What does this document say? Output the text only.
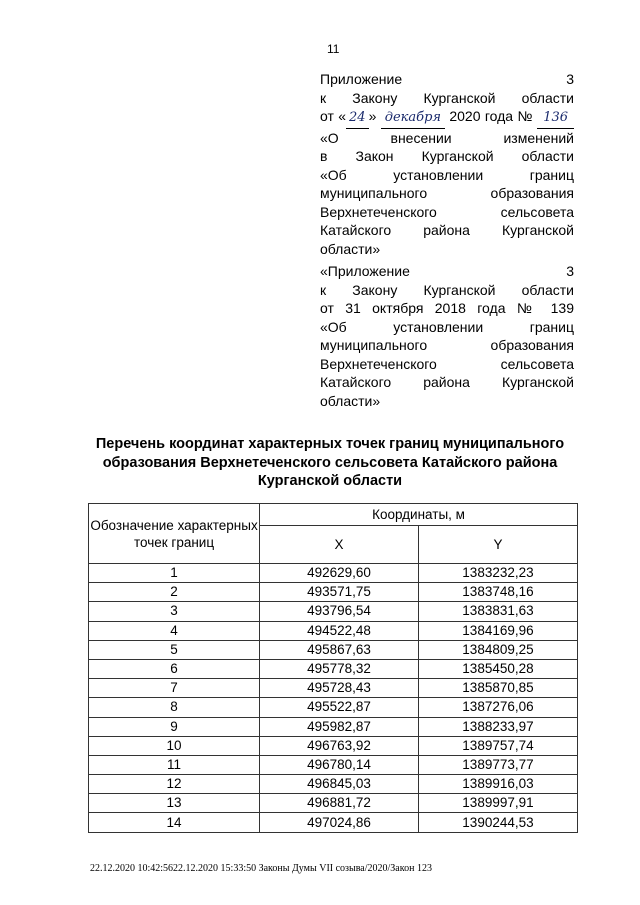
11
Приложение 3
к Закону Курганской области
от « 24 » декабря 2020 года № 136
«О внесении изменений
в Закон Курганской области
«Об установлении границ
муниципального образования
Верхнетеченского сельсовета
Катайского района Курганской
области»
«Приложение 3
к Закону Курганской области
от 31 октября 2018 года № 139
«Об установлении границ
муниципального образования
Верхнетеченского сельсовета
Катайского района Курганской
области»
Перечень координат характерных точек границ муниципального образования Верхнетеченского сельсовета Катайского района Курганской области
Обозначение характерных точек границ	Координаты, м	
	X	Y
1	492629,60	1383232,23
2	493571,75	1383748,16
3	493796,54	1383831,63
4	494522,48	1384169,96
5	495867,63	1384809,25
6	495778,32	1385450,28
7	495728,43	1385870,85
8	495522,87	1387276,06
9	495982,87	1388233,97
10	496763,92	1389757,74
11	496780,14	1389773,77
12	496845,03	1389916,03
13	496881,72	1389997,91
14	497024,86	1390244,53
22.12.2020 10:42:5622.12.2020 15:33:50 Законы Думы VII созыва/2020/Закон 123
